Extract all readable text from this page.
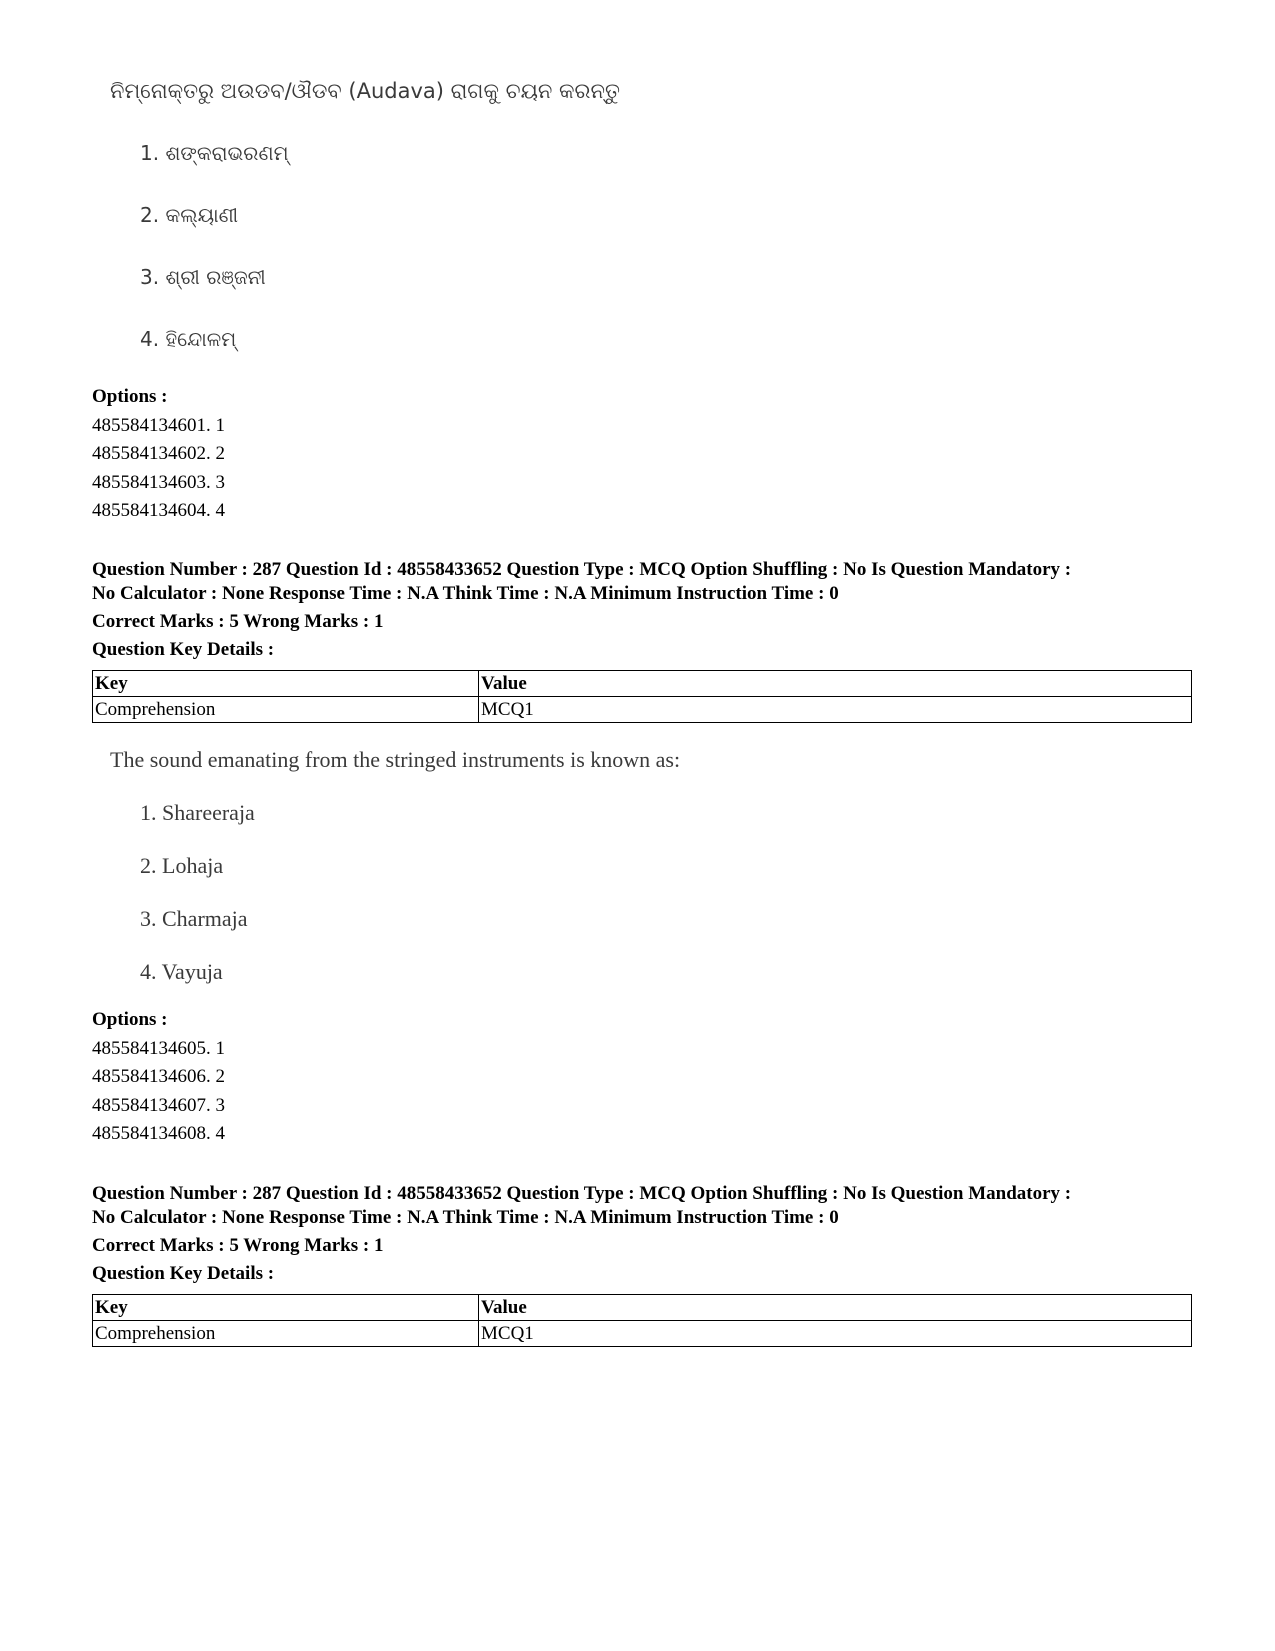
ନିମ୍ନୋକ୍ତରୁ ଅଉଡବ/ଔଡବ (Audava) ରାଗକୁ ଚୟନ କରନ୍ତୁ
1. ଶଙ୍କରାଭରଣମ୍
2. କଲ୍ୟାଣୀ
3. ଶ୍ରୀ ରଞ୍ଜନୀ
4. ହିନ୍ଦୋଳମ୍
Options :
485584134601. 1
485584134602. 2
485584134603. 3
485584134604. 4
Question Number : 287 Question Id : 48558433652 Question Type : MCQ Option Shuffling : No Is Question Mandatory :
No Calculator : None Response Time : N.A Think Time : N.A Minimum Instruction Time : 0
Correct Marks : 5 Wrong Marks : 1
Question Key Details :
Key	Value
Comprehension	MCQ1
The sound emanating from the stringed instruments is known as:
1. Shareeraja
2. Lohaja
3. Charmaja
4. Vayuja
Options :
485584134605. 1
485584134606. 2
485584134607. 3
485584134608. 4
Question Number : 287 Question Id : 48558433652 Question Type : MCQ Option Shuffling : No Is Question Mandatory :
No Calculator : None Response Time : N.A Think Time : N.A Minimum Instruction Time : 0
Correct Marks : 5 Wrong Marks : 1
Question Key Details :
Key	Value
Comprehension	MCQ1
